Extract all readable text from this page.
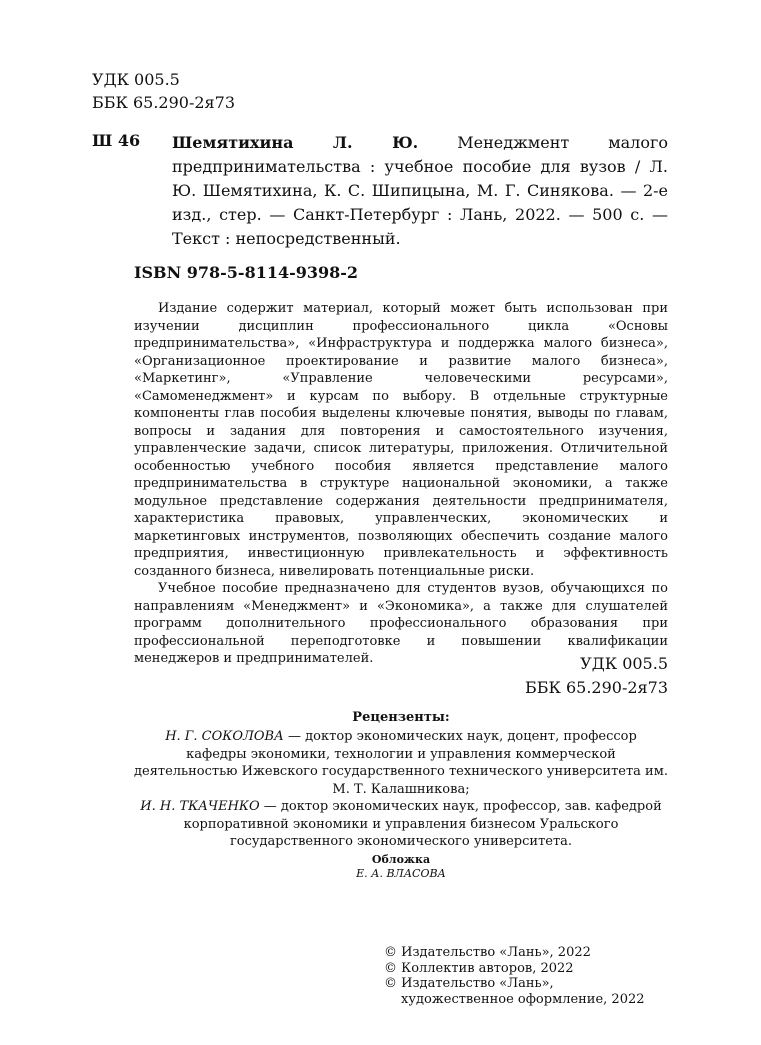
УДК 005.5
ББК 65.290-2я73
Ш 46 Шемятихина Л. Ю. Менеджмент малого предпринимательства : учебное пособие для вузов / Л. Ю. Шемятихина, К. С. Шипицына, М. Г. Синякова. — 2-е изд., стер. — Санкт-Петербург : Лань, 2022. — 500 с. — Текст : непосредственный.
ISBN 978-5-8114-9398-2

Издание содержит материал, который может быть использован при изучении дисциплин профессионального цикла «Основы предпринимательства», «Инфраструктура и поддержка малого бизнеса», «Организационное проектирование и развитие малого бизнеса», «Маркетинг», «Управление человеческими ресурсами», «Самоменеджмент» и курсам по выбору. В отдельные структурные компоненты глав пособия выделены ключевые понятия, выводы по главам, вопросы и задания для повторения и самостоятельного изучения, управленческие задачи, список литературы, приложения. Отличительной особенностью учебного пособия является представление малого предпринимательства в структуре национальной экономики, а также модульное представление содержания деятельности предпринимателя, характеристика правовых, управленческих, экономических и маркетинговых инструментов, позволяющих обеспечить создание малого предприятия, инвестиционную привлекательность и эффективность созданного бизнеса, нивелировать потенциальные риски.

Учебное пособие предназначено для студентов вузов, обучающихся по направлениям «Менеджмент» и «Экономика», а также для слушателей программ дополнительного профессионального образования при профессиональной переподготовке и повышении квалификации менеджеров и предпринимателей.	УДК 005.5
ББК 65.290-2я73
Рецензенты:
Н. Г. СОКОЛОВА — доктор экономических наук, доцент, профессор кафедры экономики, технологии и управления коммерческой деятельностью Ижевского государственного технического университета им. М. Т. Калашникова;
И. Н. ТКАЧЕНКО — доктор экономических наук, профессор, зав. кафедрой корпоративной экономики и управления бизнесом Уральского государственного экономического университета.
Обложка
Е. А. ВЛАСОВА
© Издательство «Лань», 2022
© Коллектив авторов, 2022
© Издательство «Лань»,
художественное оформление, 2022
